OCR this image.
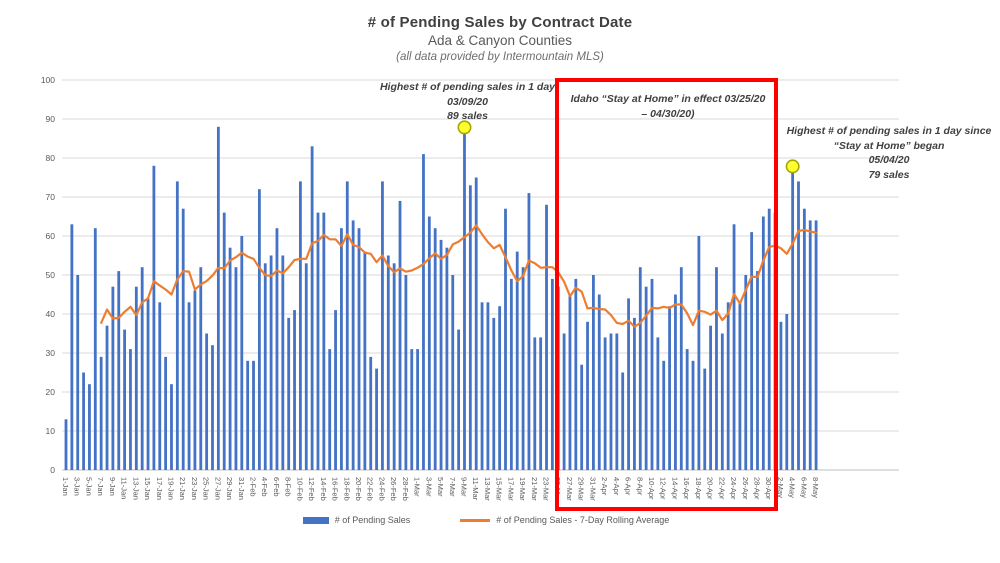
# of Pending Sales by Contract Date
Ada & Canyon Counties
(all data provided by Intermountain MLS)
0
10
20
30
40
50
60
70
80
90
100
1-Jan 3-Jan 5-Jan 7-Jan 9-Jan 11-Jan 13-Jan 15-Jan 17-Jan 19-Jan 21-Jan 23-Jan 25-Jan 27-Jan 29-Jan 31-Jan 2-Feb 4-Feb 6-Feb 8-Feb 10-Feb 12-Feb 14-Feb 16-Feb 18-Feb 20-Feb 22-Feb 24-Feb 26-Feb 28-Feb 1-Mar 3-Mar 5-Mar 7-Mar 9-Mar 11-Mar 13-Mar 15-Mar 17-Mar 19-Mar 21-Mar 23-Mar 25-Mar 27-Mar 29-Mar 31-Mar 2-Apr 4-Apr 6-Apr 8-Apr 10-Apr 12-Apr 14-Apr 16-Apr 18-Apr 20-Apr 22-Apr 24-Apr 26-Apr 28-Apr 30-Apr 2-May 4-May 6-May 8-May
Highest # of pending sales in 1 day
03/09/20
89 sales
Idaho “Stay at Home” in effect 03/25/20
– 04/30/20)
Highest # of pending sales in 1 day since
“Stay at Home” began
05/04/20
79 sales
# of Pending Sales	# of Pending Sales - 7-Day Rolling Average
